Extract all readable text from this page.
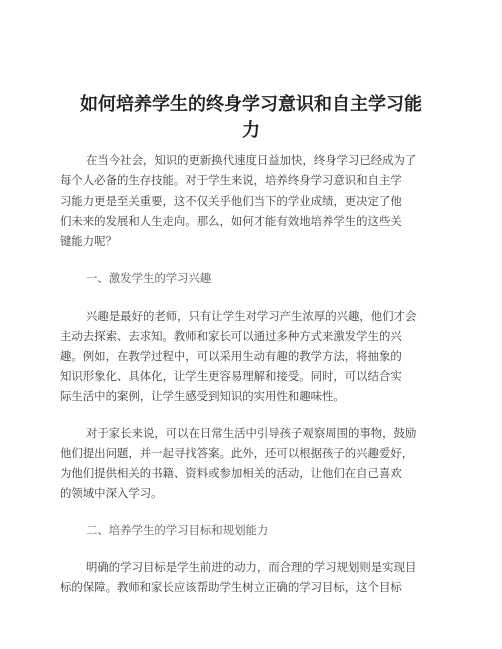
如何培养学生的终身学习意识和自主学习能
力
在当今社会，知识的更新换代速度日益加快，终身学习已经成为了
每个人必备的生存技能。对于学生来说，培养终身学习意识和自主学
习能力更是至关重要，这不仅关乎他们当下的学业成绩，更决定了他
们未来的发展和人生走向。那么，如何才能有效地培养学生的这些关
键能力呢？
一、激发学生的学习兴趣
兴趣是最好的老师，只有让学生对学习产生浓厚的兴趣，他们才会
主动去探索、去求知。教师和家长可以通过多种方式来激发学生的兴
趣。例如，在教学过程中，可以采用生动有趣的教学方法，将抽象的
知识形象化、具体化，让学生更容易理解和接受。同时，可以结合实
际生活中的案例，让学生感受到知识的实用性和趣味性。
对于家长来说，可以在日常生活中引导孩子观察周围的事物，鼓励
他们提出问题，并一起寻找答案。此外，还可以根据孩子的兴趣爱好，
为他们提供相关的书籍、资料或参加相关的活动，让他们在自己喜欢
的领域中深入学习。
二、培养学生的学习目标和规划能力
明确的学习目标是学生前进的动力，而合理的学习规划则是实现目
标的保障。教师和家长应该帮助学生树立正确的学习目标，这个目标
